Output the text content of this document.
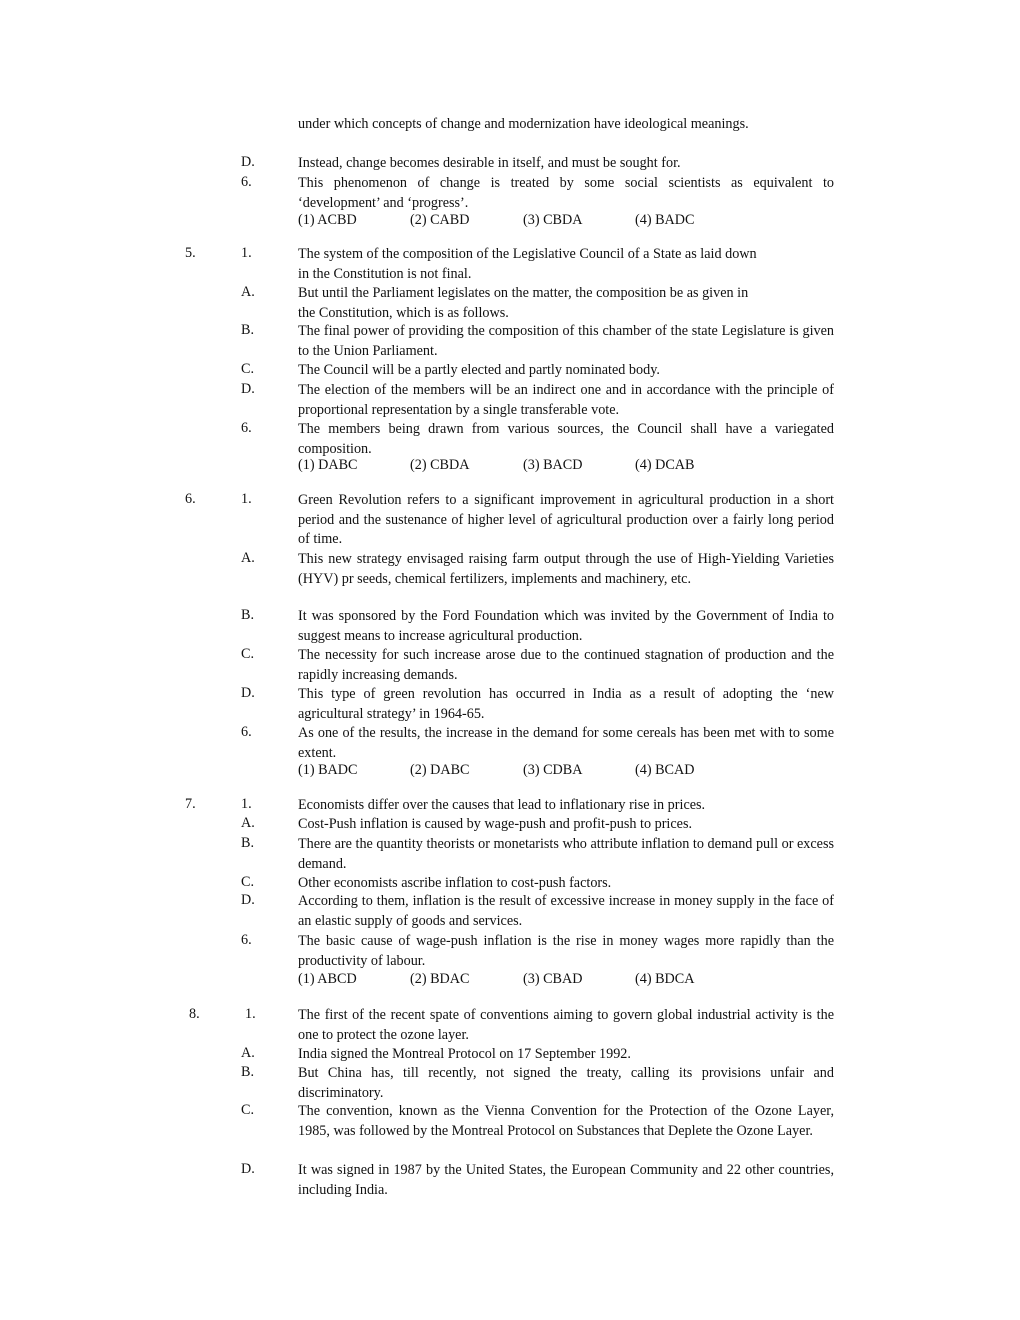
under which concepts of change and modernization have ideological meanings.
D.	Instead, change becomes desirable in itself, and must be sought for.
6.	This phenomenon of change is treated by some social scientists as equivalent to ‘development’ and ‘progress’.
(1) ACBD	(2) CABD	(3) CBDA	(4) BADC
5.	1.	The system of the composition of the Legislative Council of a State as laid down in the Constitution is not final.
A.	But until the Parliament legislates on the matter, the composition be as given in the Constitution, which is as follows.
B.	The final power of providing the composition of this chamber of the state Legislature is given to the Union Parliament.
C.	The Council will be a partly elected and partly nominated body.
D.	The election of the members will be an indirect one and in accordance with the principle of proportional representation by a single transferable vote.
6.	The members being drawn from various sources, the Council shall have a variegated composition.
(1) DABC	(2) CBDA	(3) BACD	(4) DCAB
6.	1.	Green Revolution refers to a significant improvement in agricultural production in a short period and the sustenance of higher level of agricultural production over a fairly long period of time.
A.	This new strategy envisaged raising farm output through the use of High-Yielding Varieties (HYV) pr seeds, chemical fertilizers, implements and machinery, etc.
B.	It was sponsored by the Ford Foundation which was invited by the Government of India to suggest means to increase agricultural production.
C.	The necessity for such increase arose due to the continued stagnation of production and the rapidly increasing demands.
D.	This type of green revolution has occurred in India as a result of adopting the ‘new agricultural strategy’ in 1964-65.
6.	As one of the results, the increase in the demand for some cereals has been met with to some extent.
(1) BADC	(2) DABC	(3) CDBA	(4) BCAD
7.	1.	Economists differ over the causes that lead to inflationary rise in prices.
A.	Cost-Push inflation is caused by wage-push and profit-push to prices.
B.	There are the quantity theorists or monetarists who attribute inflation to demand pull or excess demand.
C.	Other economists ascribe inflation to cost-push factors.
D.	According to them, inflation is the result of excessive increase in money supply in the face of an elastic supply of goods and services.
6.	The basic cause of wage-push inflation is the rise in money wages more rapidly than the productivity of labour.
(1) ABCD	(2) BDAC	(3) CBAD	(4) BDCA
8.	1.	The first of the recent spate of conventions aiming to govern global industrial activity is the one to protect the ozone layer.
A.	India signed the Montreal Protocol on 17 September 1992.
B.	But China has, till recently, not signed the treaty, calling its provisions unfair and discriminatory.
C.	The convention, known as the Vienna Convention for the Protection of the Ozone Layer, 1985, was followed by the Montreal Protocol on Substances that Deplete the Ozone Layer.
D.	It was signed in 1987 by the United States, the European Community and 22 other countries, including India.
